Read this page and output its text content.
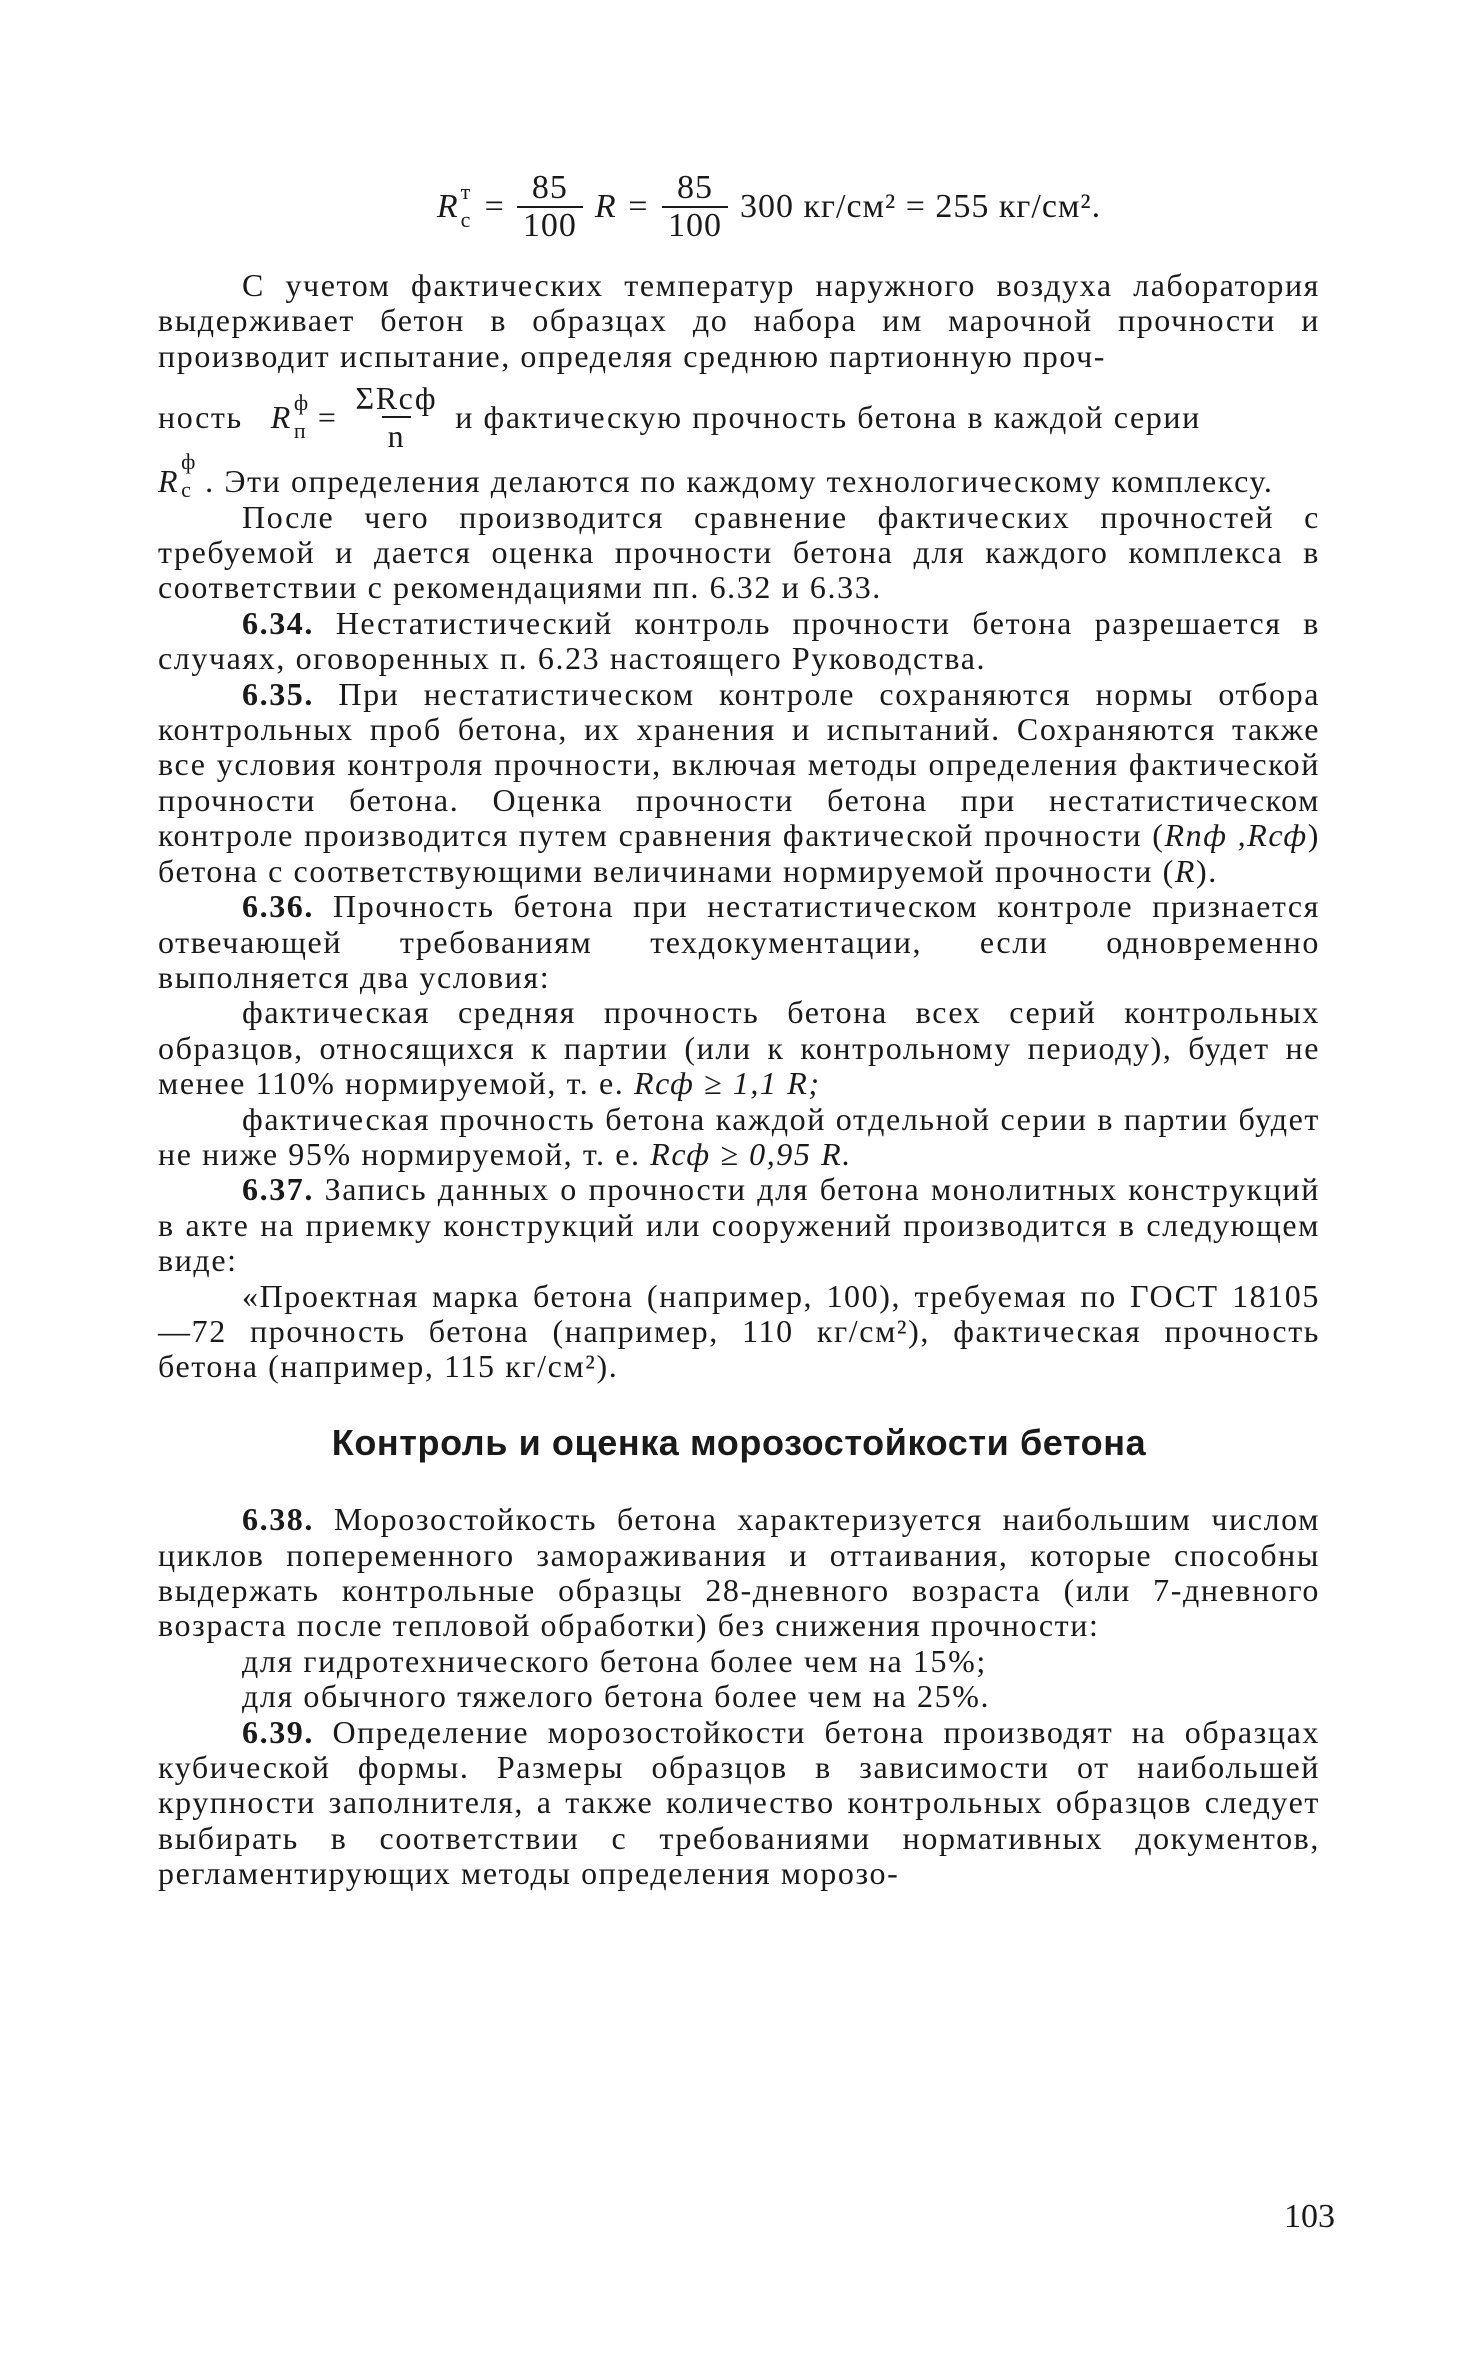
R т
$с = \frac{85}{100}$ $R = \frac{85}{100} 300$ кг/см² = 255 кг/см².

С учетом фактических температур наружного воздуха лаборатория выдерживает бетон в образцах до набора им марочной прочности и производит испытание, определяя среднюю партионную проч-

ность R ф
$п = \frac{\text{ΣRсф}}{n}$ и фактическую прочность бетона в каждой серии

R
ф
с . Эти определения делаются по каждому технологическому комплексу.

После чего производится сравнение фактических прочностей с требуемой и дается оценка прочности бетона для каждого комплекса в соответствии с рекомендациями пп. 6.32 и 6.33.

6.34. Нестатистический контроль прочности бетона разрешается в случаях, оговоренных п. 6.23 настоящего Руководства.

6.35. При нестатистическом контроле сохраняются нормы отбора контрольных проб бетона, их хранения и испытаний. Сохраняются также все условия контроля прочности, включая методы определения фактической прочности бетона. Оценка прочности бетона при нестатистическом контроле производится путем сравнения фактической прочности (Rпф ,Rсф) бетона с соответствующими величинами нормируемой прочности (R).

6.36. Прочность бетона при нестатистическом контроле признается отвечающей требованиям техдокументации, если одновременно выполняется два условия:

фактическая средняя прочность бетона всех серий контрольных образцов, относящихся к партии (или к контрольному периоду), будет не менее 110% нормируемой, т. е. Rсф ≥ 1,1 R;

фактическая прочность бетона каждой отдельной серии в партии будет не ниже 95% нормируемой, т. е. Rсф ≥ 0,95 R.

6.37. Запись данных о прочности для бетона монолитных конструкций в акте на приемку конструкций или сооружений производится в следующем виде:

«Проектная марка бетона (например, 100), требуемая по ГОСТ 18105—72 прочность бетона (например, 110 кг/см²), фактическая прочность бетона (например, 115 кг/см²).

Контроль и оценка морозостойкости бетона

6.38. Морозостойкость бетона характеризуется наибольшим числом циклов попеременного замораживания и оттаивания, которые способны выдержать контрольные образцы 28-дневного возраста (или 7-дневного возраста после тепловой обработки) без снижения прочности:

для гидротехнического бетона более чем на 15%;

для обычного тяжелого бетона более чем на 25%.

6.39. Определение морозостойкости бетона производят на образцах кубической формы. Размеры образцов в зависимости от наибольшей крупности заполнителя, а также количество контрольных образцов следует выбирать в соответствии с требованиями нормативных документов, регламентирующих методы определения морозо-

103
